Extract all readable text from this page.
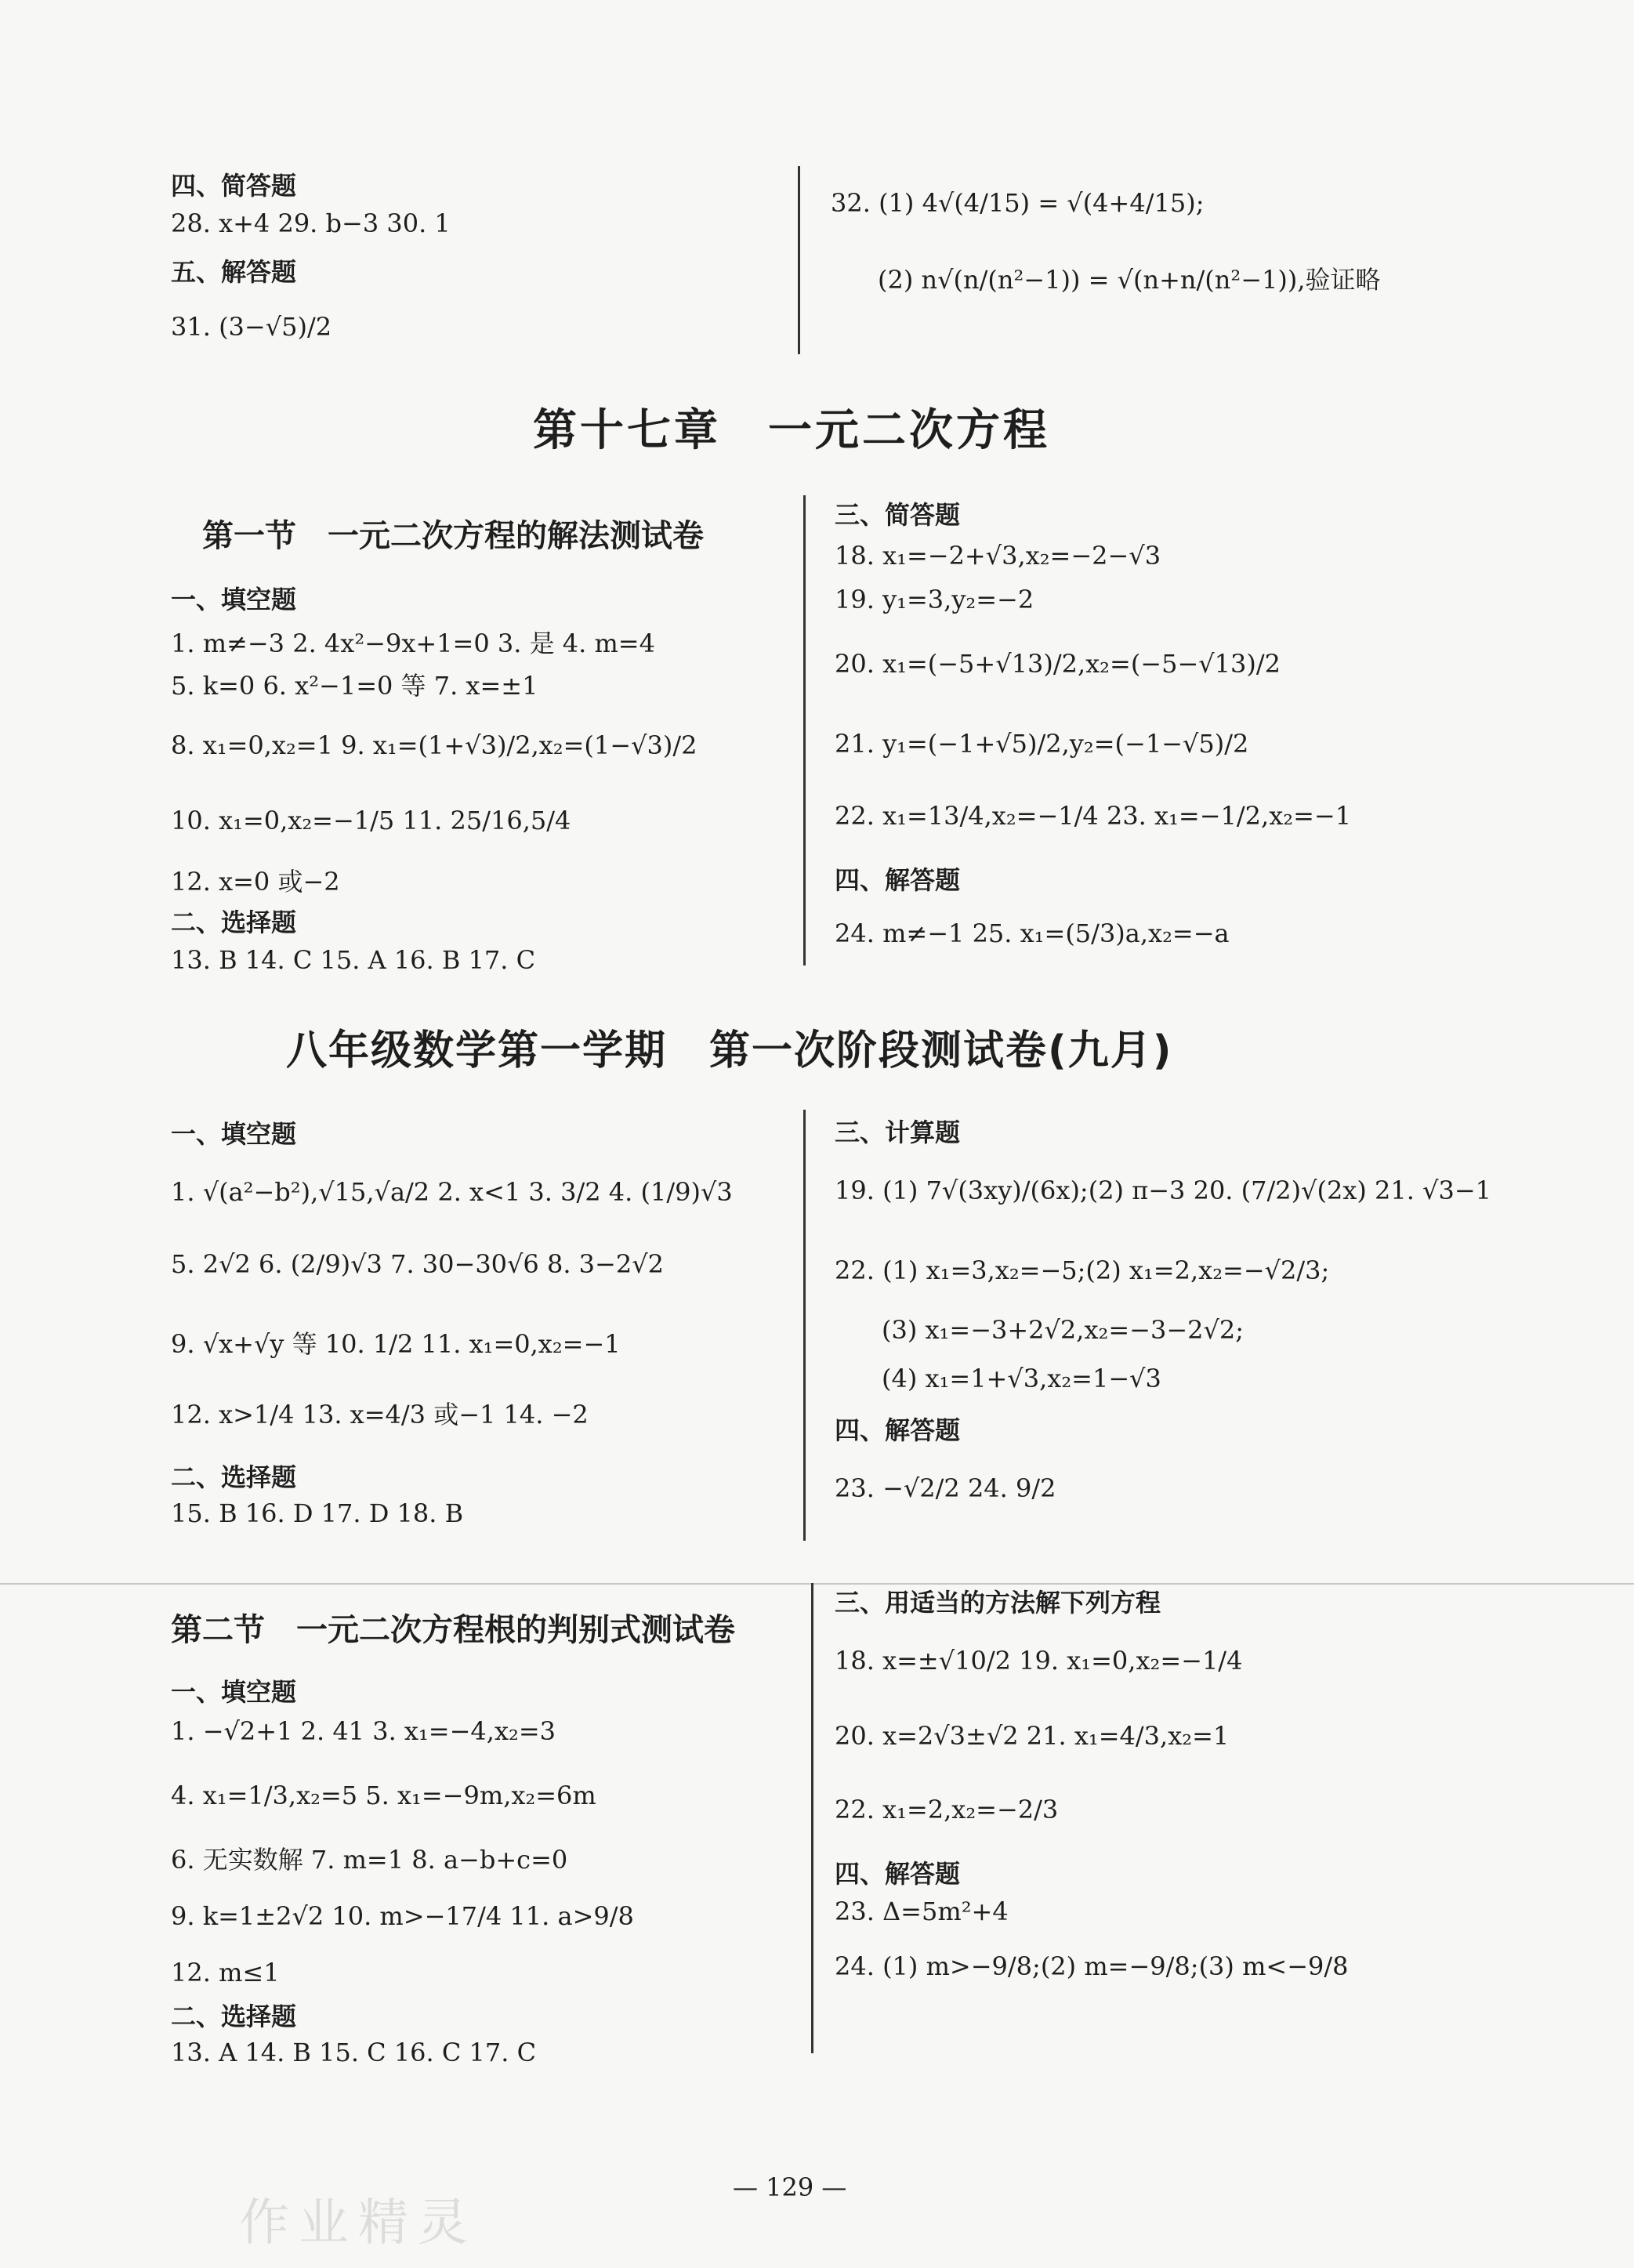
四、简答题
28. x+4 29. b−3 30. 1
五、解答题
31. (3−√5)/2
32. (1) 4√(4/15) = √(4+4/15);
(2) n√(n/(n²−1)) = √(n+n/(n²−1)),验证略
第十七章　一元二次方程
第一节　一元二次方程的解法测试卷
一、填空题
1. m≠−3 2. 4x²−9x+1=0 3. 是 4. m=4
5. k=0 6. x²−1=0 等 7. x=±1
8. x₁=0,x₂=1 9. x₁=(1+√3)/2,x₂=(1−√3)/2
10. x₁=0,x₂=−1/5 11. 25/16,5/4
12. x=0 或−2
二、选择题
13. B 14. C 15. A 16. B 17. C
三、简答题
18. x₁=−2+√3,x₂=−2−√3
19. y₁=3,y₂=−2
20. x₁=(−5+√13)/2,x₂=(−5−√13)/2
21. y₁=(−1+√5)/2,y₂=(−1−√5)/2
22. x₁=13/4,x₂=−1/4 23. x₁=−1/2,x₂=−1
四、解答题
24. m≠−1 25. x₁=(5/3)a,x₂=−a
八年级数学第一学期　第一次阶段测试卷(九月)
一、填空题
1. √(a²−b²),√15,√a/2 2. x<1 3. 3/2 4. (1/9)√3
5. 2√2 6. (2/9)√3 7. 30−30√6 8. 3−2√2
9. √x+√y 等 10. 1/2 11. x₁=0,x₂=−1
12. x>1/4 13. x=4/3 或−1 14. −2
二、选择题
15. B 16. D 17. D 18. B
三、计算题
19. (1) 7√(3xy)/(6x);(2) π−3 20. (7/2)√(2x) 21. √3−1
22. (1) x₁=3,x₂=−5;(2) x₁=2,x₂=−√2/3;
(3) x₁=−3+2√2,x₂=−3−2√2;
(4) x₁=1+√3,x₂=1−√3
四、解答题
23. −√2/2 24. 9/2
第二节　一元二次方程根的判别式测试卷
一、填空题
1. −√2+1 2. 41 3. x₁=−4,x₂=3
4. x₁=1/3,x₂=5 5. x₁=−9m,x₂=6m
6. 无实数解 7. m=1 8. a−b+c=0
9. k=1±2√2 10. m>−17/4 11. a>9/8
12. m≤1
二、选择题
13. A 14. B 15. C 16. C 17. C
三、用适当的方法解下列方程
18. x=±√10/2 19. x₁=0,x₂=−1/4
20. x=2√3±√2 21. x₁=4/3,x₂=1
22. x₁=2,x₂=−2/3
四、解答题
23. Δ=5m²+4
24. (1) m>−9/8;(2) m=−9/8;(3) m<−9/8
— 129 —
作业精灵
